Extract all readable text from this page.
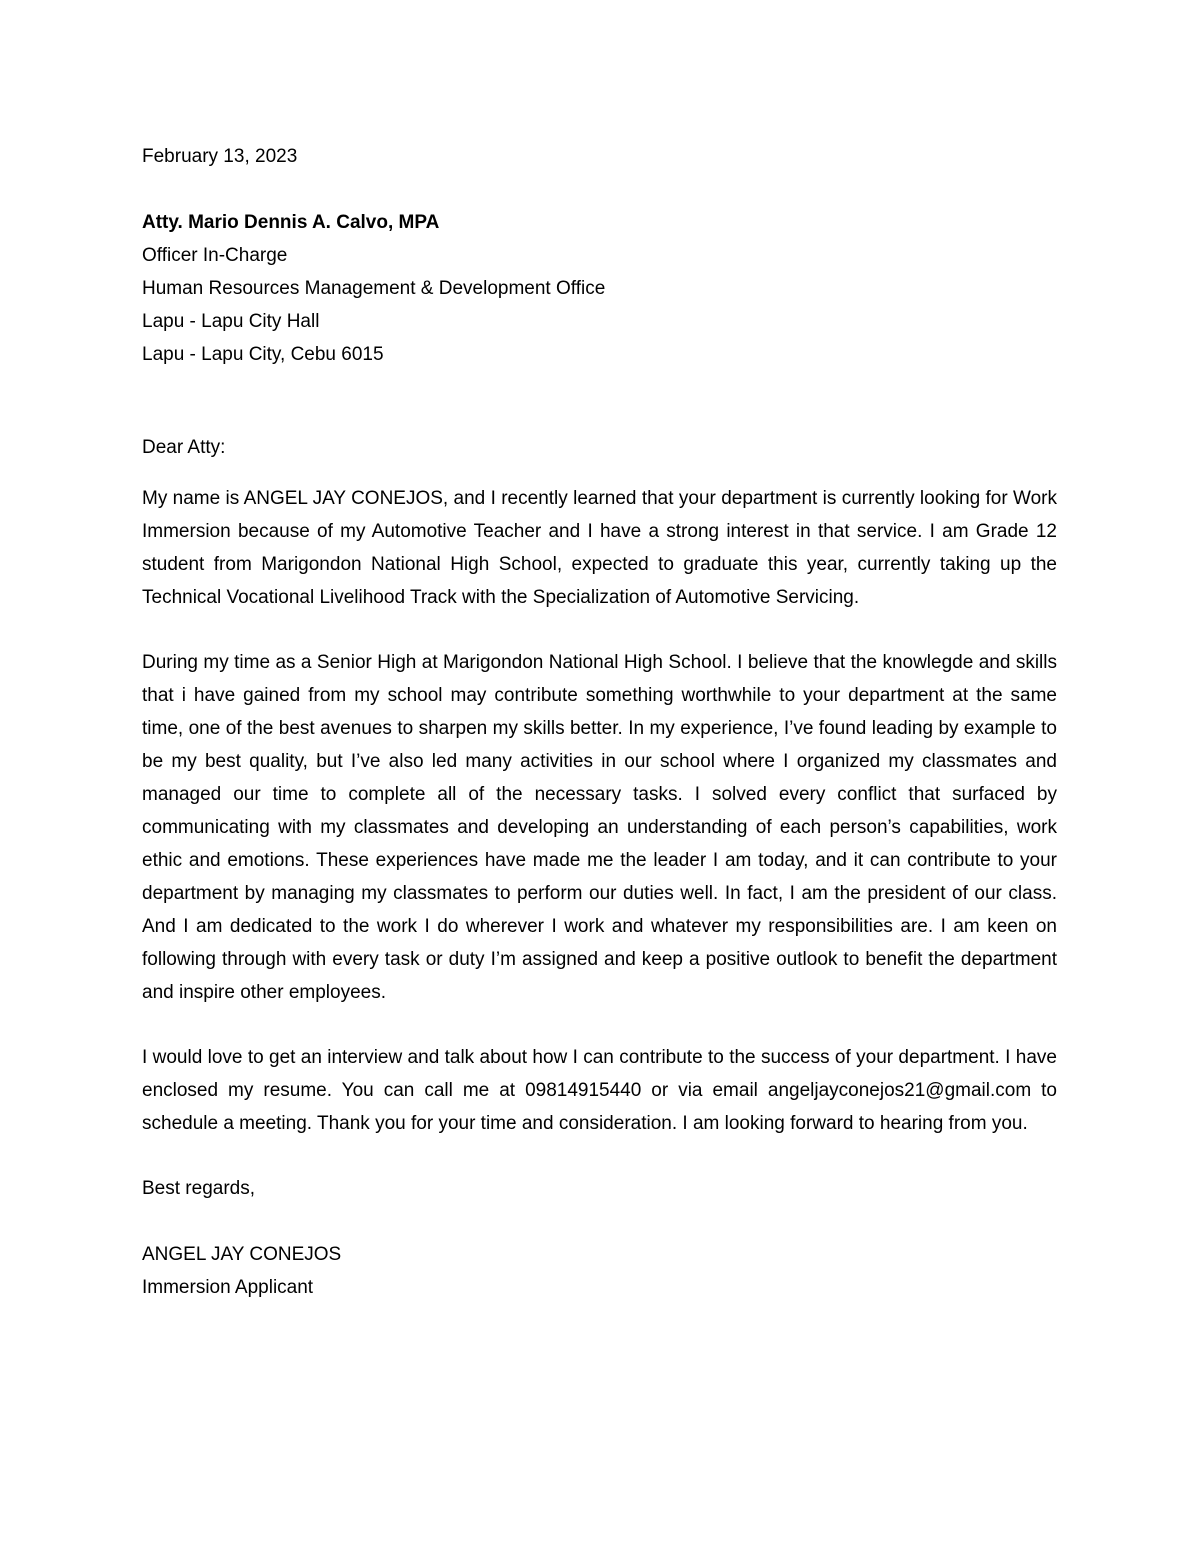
February 13, 2023
Atty. Mario Dennis A. Calvo, MPA
Officer In-Charge
Human Resources Management & Development Office
Lapu - Lapu City Hall
Lapu - Lapu City, Cebu 6015
Dear Atty:

My name is ANGEL JAY CONEJOS, and I recently learned that your department is currently looking for Work Immersion because of my Automotive Teacher and I have a strong interest in that service. I am Grade 12 student from Marigondon National High School, expected to graduate this year, currently taking up the Technical Vocational Livelihood Track with the Specialization of Automotive Servicing.

During my time as a Senior High at Marigondon National High School. I believe that the knowlegde and skills that i have gained from my school may contribute something worthwhile to your department at the same time, one of the best avenues to sharpen my skills better. In my experience, I’ve found leading by example to be my best quality, but I’ve also led many activities in our school where I organized my classmates and managed our time to complete all of the necessary tasks. I solved every conflict that surfaced by communicating with my classmates and developing an understanding of each person’s capabilities, work ethic and emotions. These experiences have made me the leader I am today, and it can contribute to your department by managing my classmates to perform our duties well. In fact, I am the president of our class. And I am dedicated to the work I do wherever I work and whatever my responsibilities are. I am keen on following through with every task or duty I’m assigned and keep a positive outlook to benefit the department and inspire other employees.

I would love to get an interview and talk about how I can contribute to the success of your department. I have enclosed my resume. You can call me at 09814915440 or via email angeljayconejos21@gmail.com to schedule a meeting. Thank you for your time and consideration. I am looking forward to hearing from you.

Best regards,
ANGEL JAY CONEJOS
Immersion Applicant
